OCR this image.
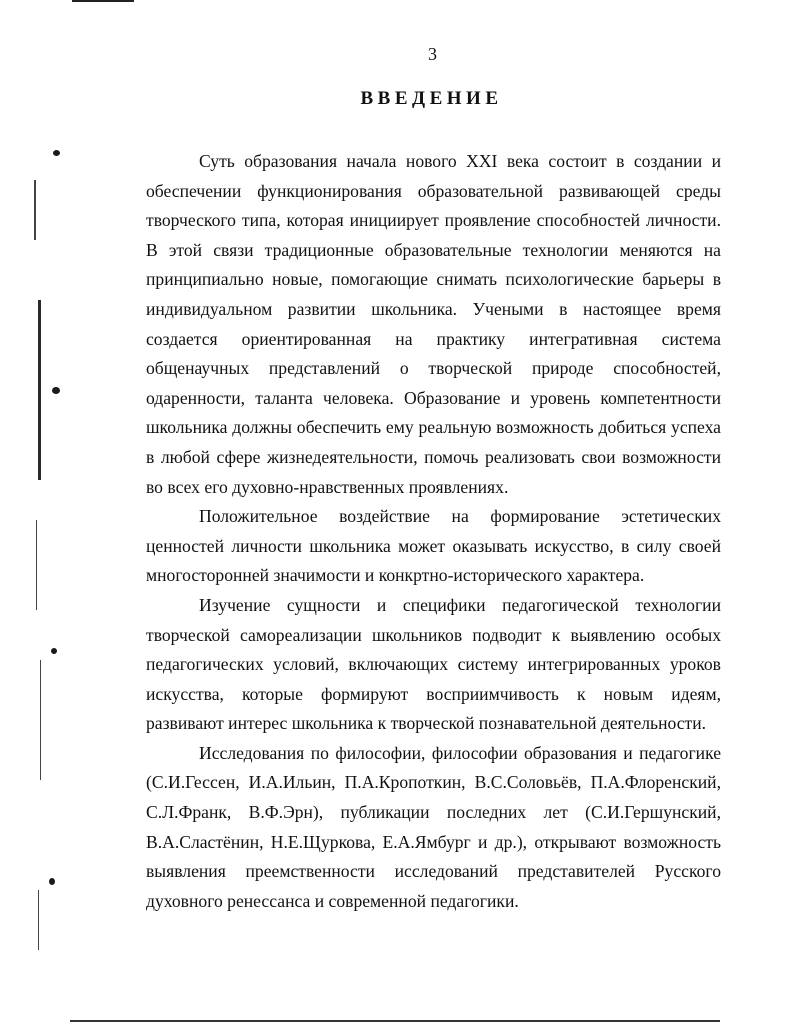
3
ВВЕДЕНИЕ

Суть образования начала нового XXI века состоит в создании и обеспечении функционирования образовательной развивающей среды творческого типа, которая инициирует проявление способностей личности. В этой связи традиционные образовательные технологии меняются на принципиально новые, помогающие снимать психологические барьеры в индивидуальном развитии школьника. Учеными в настоящее время создается ориентированная на практику интегративная система общенаучных представлений о творческой природе способностей, одаренности, таланта человека. Образование и уровень компетентности школьника должны обеспечить ему реальную возможность добиться успеха в любой сфере жизнедеятельности, помочь реализовать свои возможности во всех его духовно-нравственных проявлениях.

Положительное воздействие на формирование эстетических ценностей личности школьника может оказывать искусство, в силу своей многосторонней значимости и конкртно-исторического характера.

Изучение сущности и специфики педагогической технологии творческой самореализации школьников подводит к выявлению особых педагогических условий, включающих систему интегрированных уроков искусства, которые формируют восприимчивость к новым идеям, развивают интерес школьника к творческой познавательной деятельности.

Исследования по философии, философии образования и педагогике (С.И.Гессен, И.А.Ильин, П.А.Кропоткин, В.С.Соловьёв, П.А.Флоренский, С.Л.Франк, В.Ф.Эрн), публикации последних лет (С.И.Гершунский, В.А.Сластёнин, Н.Е.Щуркова, Е.А.Ямбург и др.), открывают возможность выявления преемственности исследований представителей Русского духовного ренессанса и современной педагогики.
